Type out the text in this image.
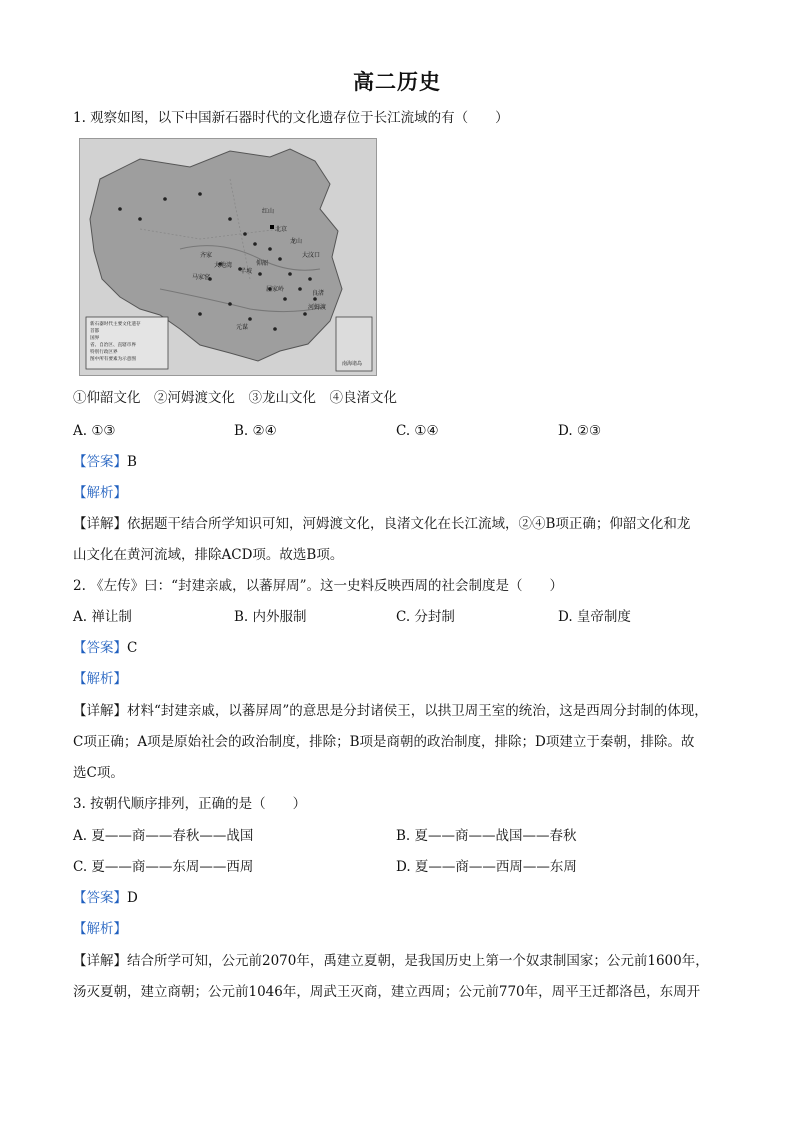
高二历史
1. 观察如图，以下中国新石器时代的文化遗存位于长江流域的有（　　）
北京
红山
大汶口
龙山
仰韶
半坡
马家窑
齐家
大地湾
屈家岭
河姆渡
良渚
元谋
新石器时代主要文化遗存
首都
国界
省、自治区、直辖市界
特别行政区界
图中所有要素为示意图
南海诸岛
①仰韶文化　②河姆渡文化　③龙山文化　④良渚文化
A. ①③	B. ②④	C. ①④	D. ②③
【答案】B
【解析】
【详解】依据题干结合所学知识可知，河姆渡文化，良渚文化在长江流域，②④B项正确；仰韶文化和龙
山文化在黄河流域，排除ACD项。故选B项。
2. 《左传》曰：“封建亲戚，以蕃屏周”。这一史料反映西周的社会制度是（　　）
A. 禅让制	B. 内外服制	C. 分封制	D. 皇帝制度
【答案】C
【解析】
【详解】材料“封建亲戚，以蕃屏周”的意思是分封诸侯王，以拱卫周王室的统治，这是西周分封制的体现，
C项正确；A项是原始社会的政治制度，排除；B项是商朝的政治制度，排除；D项建立于秦朝，排除。故
选C项。
3. 按朝代顺序排列，正确的是（　　）
A. 夏——商——春秋——战国	B. 夏——商——战国——春秋
C. 夏——商——东周——西周	D. 夏——商——西周——东周
【答案】D
【解析】
【详解】结合所学可知，公元前2070年，禹建立夏朝，是我国历史上第一个奴隶制国家；公元前1600年，
汤灭夏朝，建立商朝；公元前1046年，周武王灭商，建立西周；公元前770年，周平王迁都洛邑，东周开
